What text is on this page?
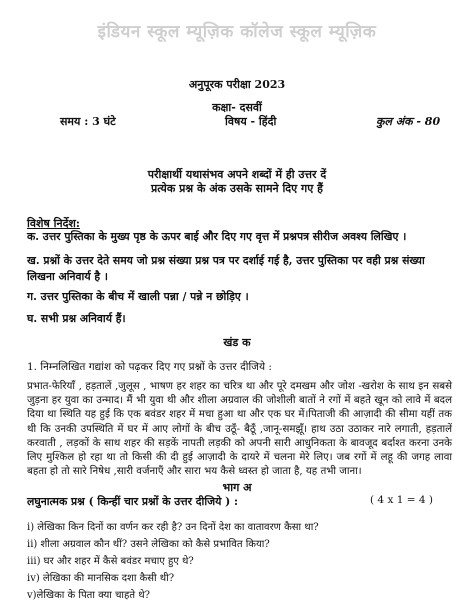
इंडियन स्कूल म्यूज़िक कॉलेज स्कूल म्यूज़िक
अनुपूरक परीक्षा 2023
कक्षा- दसवीं
समय : 3 घंटे	विषय - हिंदी	कुल अंक - 80
परीक्षार्थी यथासंभव अपने शब्दों में ही उत्तर दें
प्रत्येक प्रश्न के अंक उसके सामने दिए गए हैं
विशेष निर्देश:
क. उत्तर पुस्तिका के मुख्य पृष्ठ के ऊपर बाई और दिए गए वृत्त में प्रश्नपत्र सीरीज अवश्य लिखिए ।
ख. प्रश्नों के उत्तर देते समय जो प्रश्न संख्या प्रश्न पत्र पर दर्शाई गई है, उत्तर पुस्तिका पर वही प्रश्न संख्या लिखना अनिवार्य है ।
ग. उत्तर पुस्तिका के बीच में खाली पन्ना / पन्ने न छोड़िए ।
घ. सभी प्रश्न अनिवार्य हैं।
खंड क
1. निम्नलिखित गद्यांश को पढ़कर दिए गए प्रश्नों के उत्तर दीजिये :
प्रभात-फेरियाँ , हड़तालें ,जुलूस , भाषण हर शहर का चरित्र था और पूरे दमखम और जोश -खरोश के साथ इन सबसे जुड़ना हर युवा का उन्माद। मैं भी युवा थी और शीला अग्रवाल की जोशीली बातों ने रगों में बहते खून को लावे में बदल दिया था स्थिति यह हुई कि एक बवंडर शहर में मचा हुआ था और एक घर में।पिताजी की आज़ादी की सीमा यहीं तक थी कि उनकी उपस्थिति में घर में आए लोगों के बीच उठूँ- बैठूँ ,जानू-समझूँ। हाथ उठा उठाकर नारे लगाती, हड़तालें करवाती , लड़कों के साथ शहर की सड़कें नापती लड़की को अपनी सारी आधुनिकता के बावजूद बर्दाश्त करना उनके लिए मुश्किल हो रहा था तो किसी की दी हुई आज़ादी के दायरे में चलना मेरे लिए। जब रगों में लहू की जगह लावा बहता हो तो सारे निषेध ,सारी वर्जनाएँ और सारा भय कैसे ध्वस्त हो जाता है, यह तभी जाना।
भाग अ
लघुनात्मक प्रश्न ( किन्हीं चार प्रश्नों के उत्तर दीजिये ) :	( 4 x 1 = 4 )
i) लेखिका किन दिनों का वर्णन कर रही है? उन दिनों देश का वातावरण कैसा था?
ii) शीला अग्रवाल कौन थीं? उसने लेखिका को कैसे प्रभावित किया?
iii) घर और शहर में कैसे बवंडर मचाए हुए थे?
iv) लेखिका की मानसिक दशा कैसी थी?
v)लेखिका के पिता क्या चाहते थे?
